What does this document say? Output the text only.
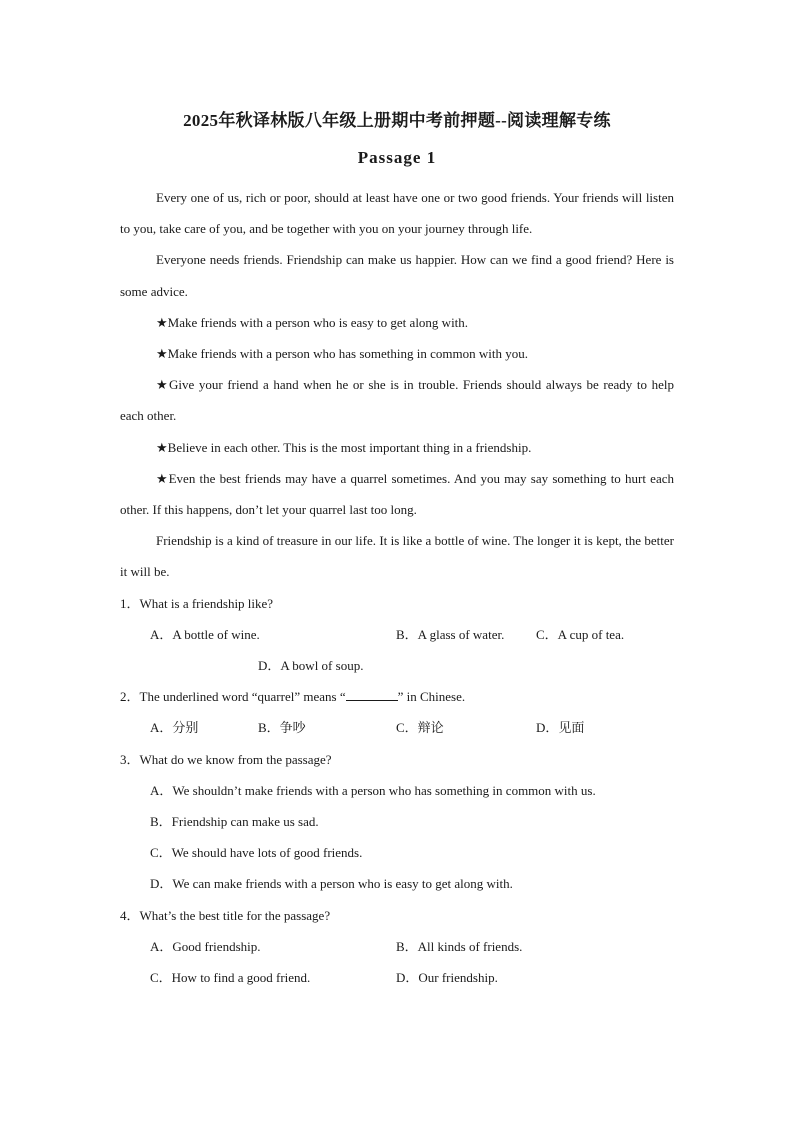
2025年秋译林版八年级上册期中考前押题--阅读理解专练
Passage 1

Every one of us, rich or poor, should at least have one or two good friends. Your friends will listen to you, take care of you, and be together with you on your journey through life.

Everyone needs friends. Friendship can make us happier. How can we find a good friend? Here is some advice.

★Make friends with a person who is easy to get along with.

★Make friends with a person who has something in common with you.

★Give your friend a hand when he or she is in trouble. Friends should always be ready to help each other.

★Believe in each other. This is the most important thing in a friendship.

★Even the best friends may have a quarrel sometimes. And you may say something to hurt each other. If this happens, don’t let your quarrel last too long.

Friendship is a kind of treasure in our life. It is like a bottle of wine. The longer it is kept, the better it will be.

1．What is a friendship like?

A．A bottle of wine.	B．A glass of water. C．A cup of tea.
D．A bowl of soup.

2．The underlined word “quarrel” means “	” in Chinese.

A．分别	B．争吵	C．辩论	D．见面

3．What do we know from the passage?

A．We shouldn’t make friends with a person who has something in common with us.
B．Friendship can make us sad.
C．We should have lots of good friends.
D．We can make friends with a person who is easy to get along with.

4．What’s the best title for the passage?

A．Good friendship.	B．All kinds of friends.
C．How to find a good friend.	D．Our friendship.
